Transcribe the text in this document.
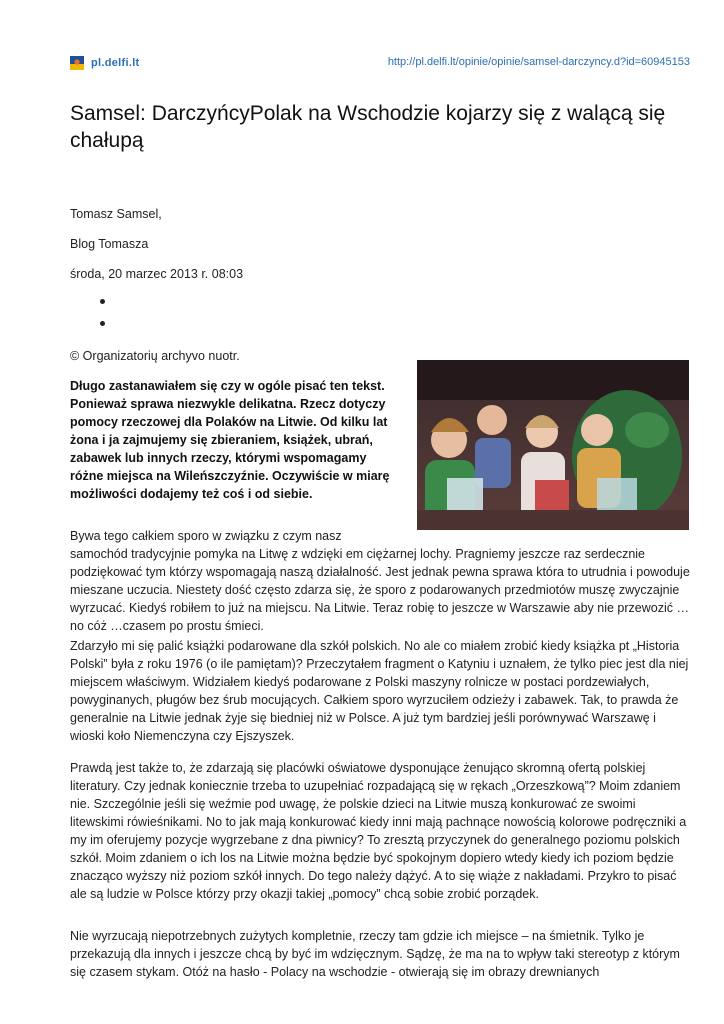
pl.delfi.lt	http://pl.delfi.lt/opinie/opinie/samsel-darczyncy.d?id=60945153
Samsel: DarczyńcyPolak na Wschodzie kojarzy się z walącą się chałupą
Tomasz Samsel,
Blog Tomasza
środa, 20 marzec 2013 r. 08:03
© Organizatorių archyvo nuotr.

Długo zastanawiałem się czy w ogóle pisać ten tekst. Ponieważ sprawa niezwykle delikatna. Rzecz dotyczy pomocy rzeczowej dla Polaków na Litwie. Od kilku lat żona i ja zajmujemy się zbieraniem, książek, ubrań, zabawek lub innych rzeczy, którymi wspomagamy różne miejsca na Wileńszczyźnie. Oczywiście w miarę możliwości dodajemy też coś i od siebie.

Bywa tego całkiem sporo w związku z czym nasz

samochód tradycyjnie pomyka na Litwę z wdzięki em ciężarnej lochy. Pragniemy jeszcze raz serdecznie podziękować tym którzy wspomagają naszą działalność. Jest jednak pewna sprawa która to utrudnia i powoduje mieszane uczucia. Niestety dość często zdarza się, że sporo z podarowanych przedmiotów muszę zwyczajnie wyrzucać. Kiedyś robiłem to już na miejscu. Na Litwie. Teraz robię to jeszcze w Warszawie aby nie przewozić …no cóż …czasem po prostu śmieci.

Zdarzyło mi się palić książki podarowane dla szkół polskich. No ale co miałem zrobić kiedy książka pt „Historia Polski” była z roku 1976 (o ile pamiętam)? Przeczytałem fragment o Katyniu i uznałem, że tylko piec jest dla niej miejscem właściwym. Widziałem kiedyś podarowane z Polski maszyny rolnicze w postaci pordzewiałych, powyginanych, pługów bez śrub mocujących. Całkiem sporo wyrzuciłem odzieży i zabawek. Tak, to prawda że generalnie na Litwie jednak żyje się biedniej niż w Polsce. A już tym bardziej jeśli porównywać Warszawę i wioski koło Niemenczyna czy Ejszyszek.

Prawdą jest także to, że zdarzają się placówki oświatowe dysponujące żenująco skromną ofertą polskiej literatury. Czy jednak koniecznie trzeba to uzupełniać rozpadającą się w rękach „Orzeszkową”? Moim zdaniem nie. Szczególnie jeśli się weźmie pod uwagę, że polskie dzieci na Litwie muszą konkurować ze swoimi litewskimi rówieśnikami. No to jak mają konkurować kiedy inni mają pachnące nowością kolorowe podręczniki a my im oferujemy pozycje wygrzebane z dna piwnicy? To zresztą przyczynek do generalnego poziomu polskich szkół. Moim zdaniem o ich los na Litwie można będzie być spokojnym dopiero wtedy kiedy ich poziom będzie znacząco wyższy niż poziom szkół innych. Do tego należy dążyć. A to się wiąże z nakładami. Przykro to pisać ale są ludzie w Polsce którzy przy okazji takiej „pomocy” chcą sobie zrobić porządek.

Nie wyrzucają niepotrzebnych zużytych kompletnie, rzeczy tam gdzie ich miejsce – na śmietnik. Tylko je przekazują dla innych i jeszcze chcą by być im wdzięcznym. Sądzę, że ma na to wpływ taki stereotyp z którym się czasem stykam. Otóż na hasło - Polacy na wschodzie - otwierają się im obrazy drewnianych
